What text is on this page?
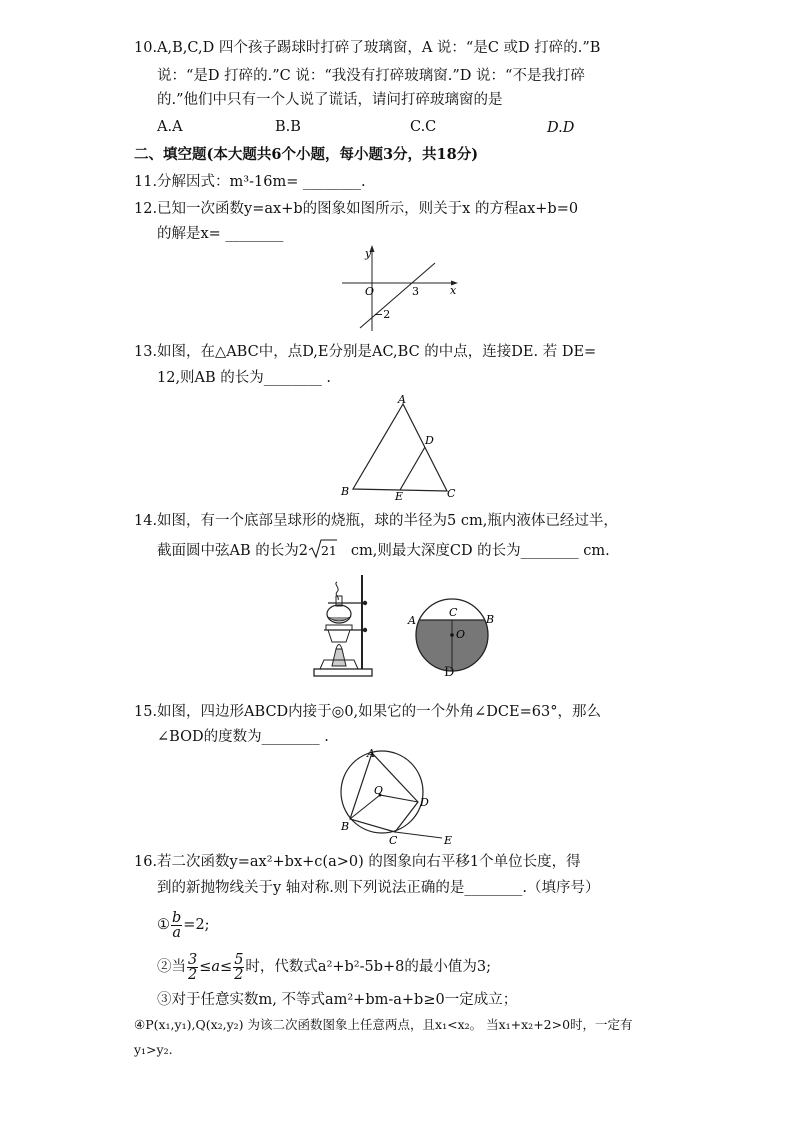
10.A,B,C,D 四个孩子踢球时打碎了玻璃窗，A 说：“是C 或D 打碎的.”B
说：“是D 打碎的.”C 说：“我没有打碎玻璃窗.”D 说：“不是我打碎
的.”他们中只有一个人说了谎话，请问打碎玻璃窗的是
A.A	B.B	C.C	D.D
二、填空题(本大题共6个小题，每小题3分，共18分)
11.分解因式：m³-16m= ________.
12.已知一次函数y=ax+b的图象如图所示，则关于x 的方程ax+b=0
的解是x= ________
y
x
O	3
−2
13.如图，在△ABC中，点D,E分别是AC,BC 的中点，连接DE. 若 DE=
12,则AB 的长为________ .
A
B	C
D
E
14.如图，有一个底部呈球形的烧瓶，球的半径为5 cm,瓶内液体已经过半，
截面圆中弦AB 的长为2 21 cm,则最大深度CD 的长为________ cm.
A	B
C
O
D
15.如图，四边形ABCD内接于◎0,如果它的一个外角∠DCE=63°，那么
∠BOD的度数为________ .
A
B
C
D
O
E
16.若二次函数y=ax²+bx+c(a>0) 的图象向右平移1个单位长度，得
到的新抛物线关于y 轴对称.则下列说法正确的是________.（填序号）
① $\frac{b}{a} =2$;
②当 $\frac{3}{2} \le a\le \frac{5}{2}$ 时，代数式a²+b²-5b+8的最小值为3;
③对于任意实数m, 不等式am²+bm-a+b≥0一定成立；
④P(x₁,y₁),Q(x₂,y₂) 为该二次函数图象上任意两点，且x₁<x₂。 当x₁+x₂+2>0时，一定有
y₁>y₂.
